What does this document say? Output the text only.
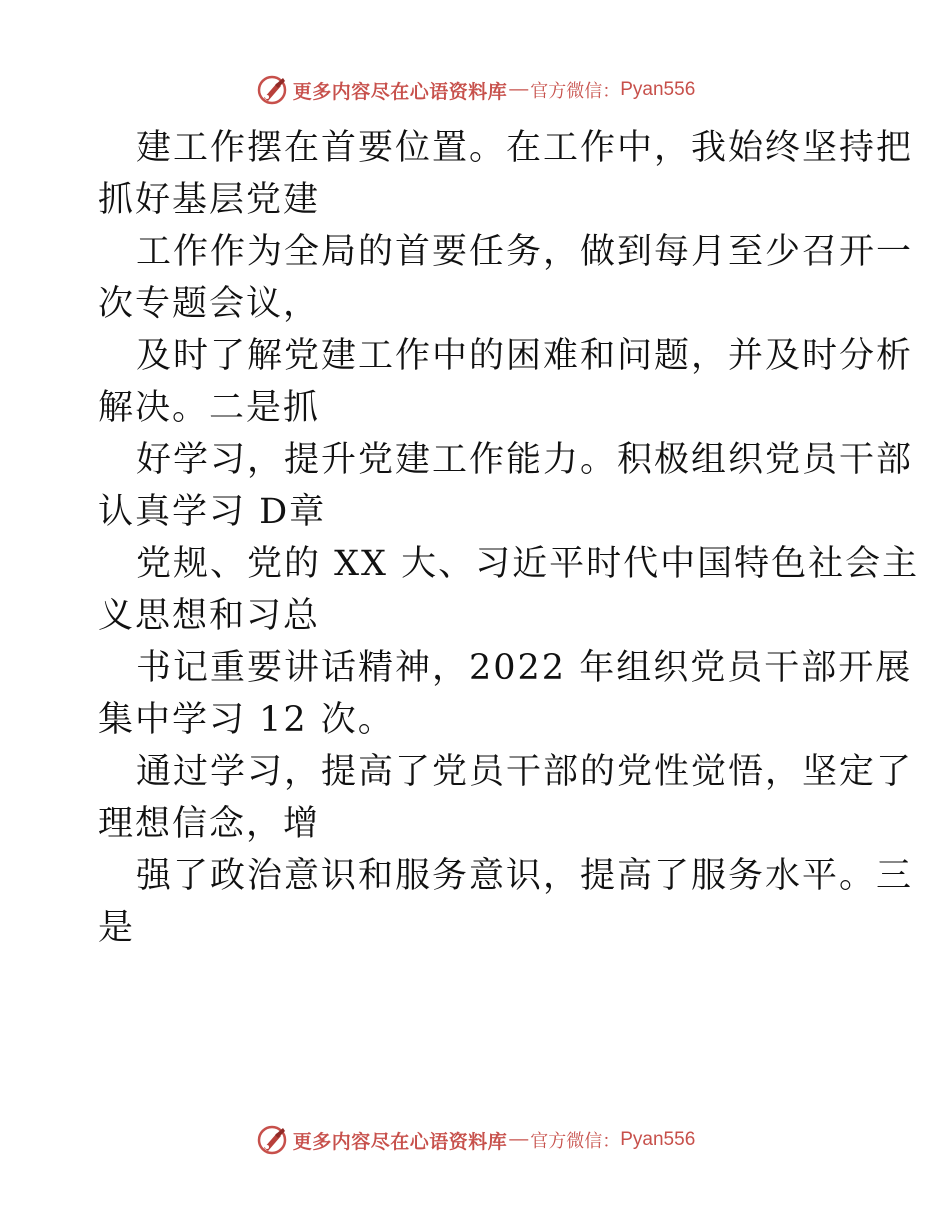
更多内容尽在心语资料库 — 官方微信： Pyan556
建工作摆在首要位置。在工作中，我始终坚持把
抓好基层党建
工作作为全局的首要任务，做到每月至少召开一
次专题会议，
及时了解党建工作中的困难和问题，并及时分析
解决。二是抓
好学习，提升党建工作能力。积极组织党员干部
认真学习 D章
党规、党的 XX 大、习近平时代中国特色社会主
义思想和习总
书记重要讲话精神，2022 年组织党员干部开展
集中学习 12 次。
通过学习，提高了党员干部的党性觉悟，坚定了
理想信念，增
强了政治意识和服务意识，提高了服务水平。三
是
更多内容尽在心语资料库 — 官方微信： Pyan556
